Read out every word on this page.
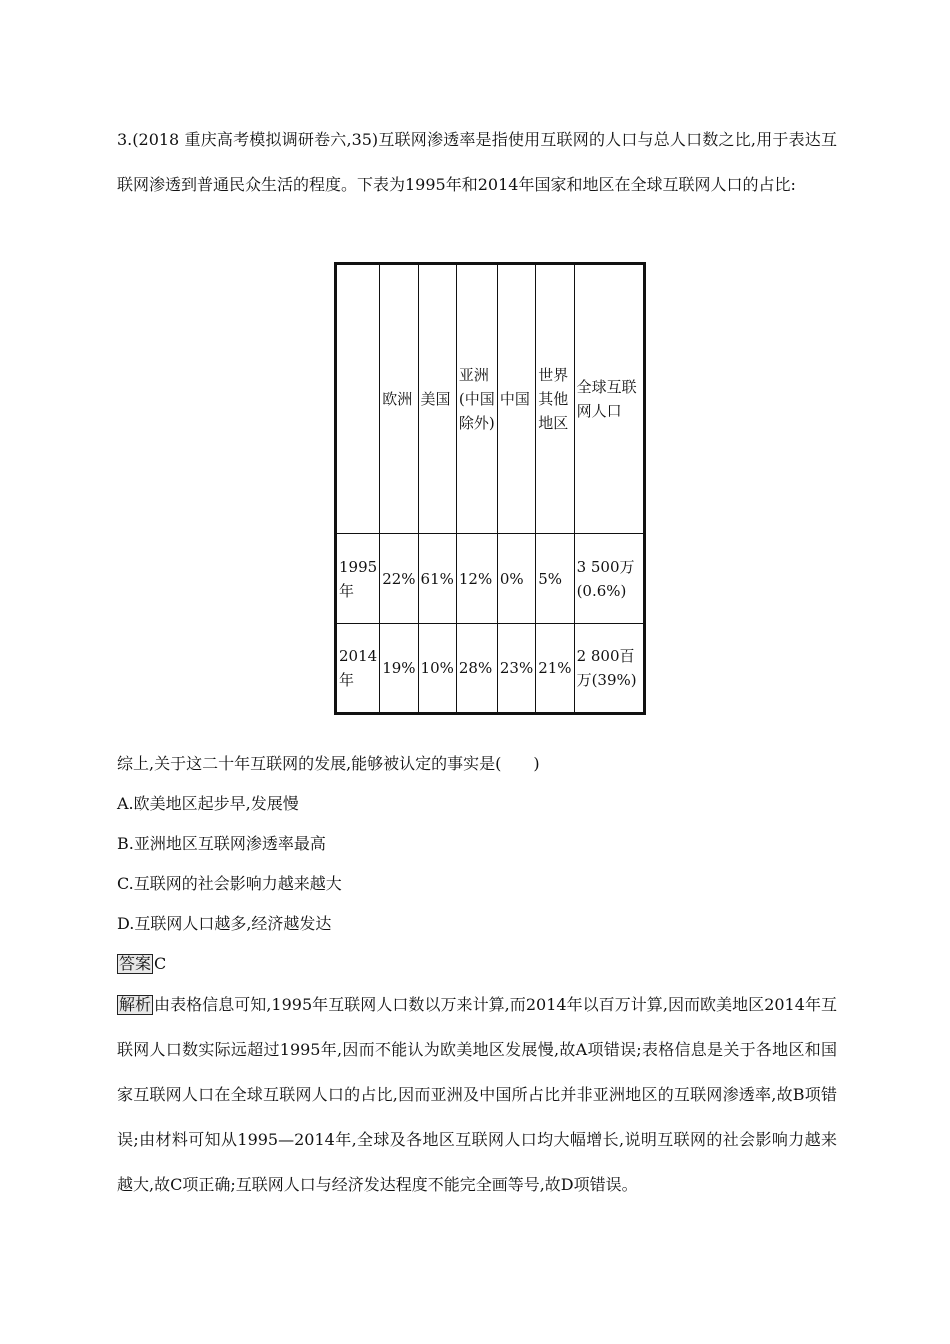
3.(2018 重庆高考模拟调研卷六,35)互联网渗透率是指使用互联网的人口与总人口数之比,用于表达互联网渗透到普通民众生活的程度。下表为1995年和2014年国家和地区在全球互联网人口的占比:

	欧洲	美国	亚洲(中国除外)	中国	世界其他地区	全球互联网人口
1995年	22%	61%	12%	0%	5%	3 500万(0.6%)
2014年	19%	10%	28%	23%	21%	2 800百万(39%)

综上,关于这二十年互联网的发展,能够被认定的事实是(　　)

A.欧美地区起步早,发展慢

B.亚洲地区互联网渗透率最高

C.互联网的社会影响力越来越大

D.互联网人口越多,经济越发达

答案 C

解析 由表格信息可知,1995年互联网人口数以万来计算,而2014年以百万计算,因而欧美地区2014年互联网人口数实际远超过1995年,因而不能认为欧美地区发展慢,故A项错误;表格信息是关于各地区和国家互联网人口在全球互联网人口的占比,因而亚洲及中国所占比并非亚洲地区的互联网渗透率,故B项错误;由材料可知从1995—2014年,全球及各地区互联网人口均大幅增长,说明互联网的社会影响力越来越大,故C项正确;互联网人口与经济发达程度不能完全画等号,故D项错误。
